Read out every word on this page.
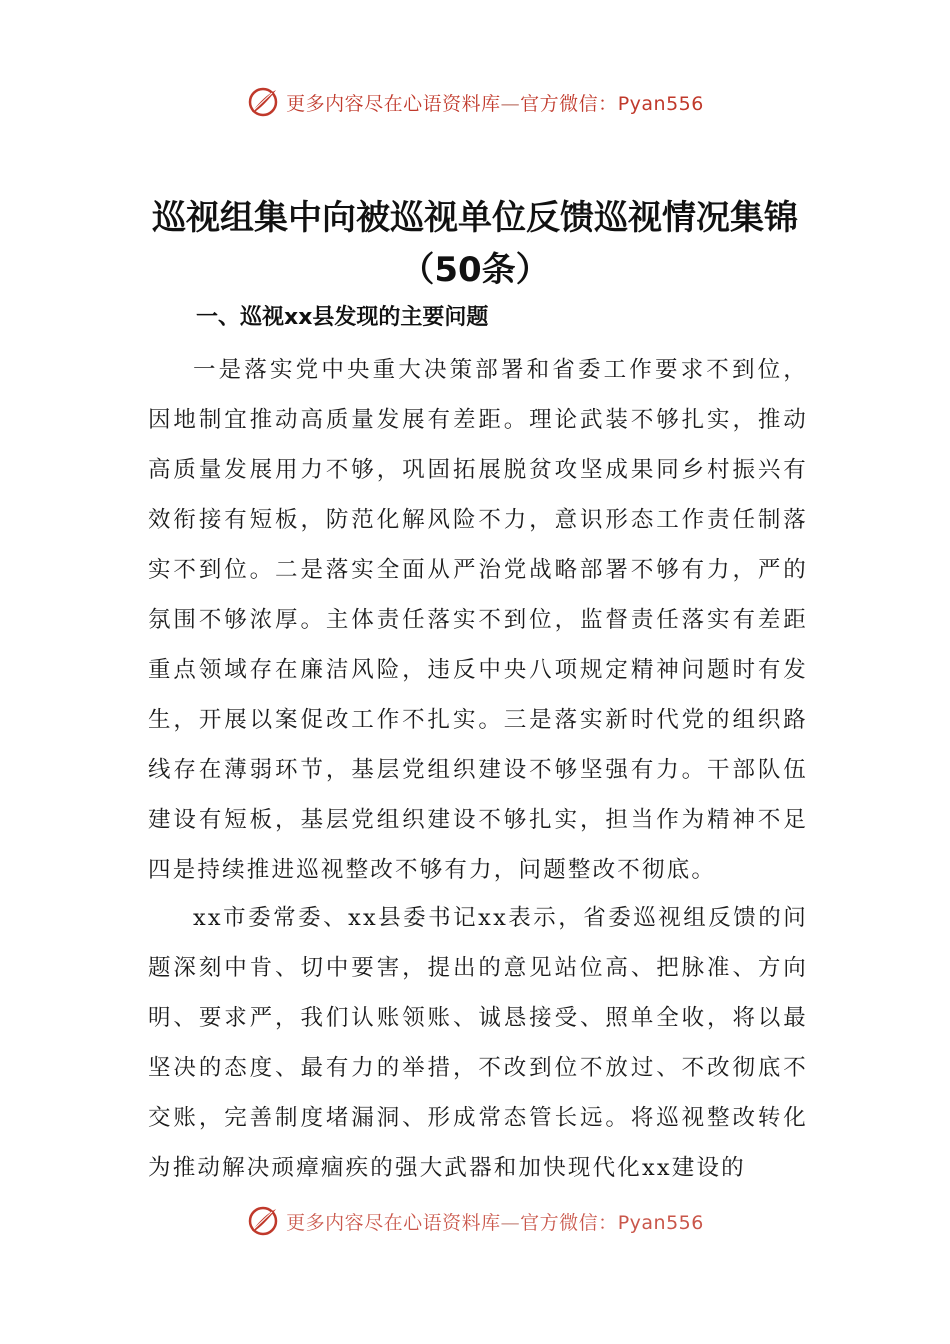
更多内容尽在心语资料库—官方微信：Pyan556
巡视组集中向被巡视单位反馈巡视情况集锦（50条）
一、巡视xx县发现的主要问题

一是落实党中央重大决策部署和省委工作要求不到位，因地制宜推动高质量发展有差距。理论武装不够扎实，推动高质量发展用力不够，巩固拓展脱贫攻坚成果同乡村振兴有效衔接有短板，防范化解风险不力，意识形态工作责任制落实不到位。二是落实全面从严治党战略部署不够有力，严的氛围不够浓厚。主体责任落实不到位，监督责任落实有差距重点领域存在廉洁风险，违反中央八项规定精神问题时有发生，开展以案促改工作不扎实。三是落实新时代党的组织路线存在薄弱环节，基层党组织建设不够坚强有力。干部队伍建设有短板，基层党组织建设不够扎实，担当作为精神不足四是持续推进巡视整改不够有力，问题整改不彻底。

xx市委常委、xx县委书记xx表示，省委巡视组反馈的问题深刻中肯、切中要害，提出的意见站位高、把脉准、方向明、要求严，我们认账领账、诚恳接受、照单全收，将以最坚决的态度、最有力的举措，不改到位不放过、不改彻底不交账，完善制度堵漏洞、形成常态管长远。将巡视整改转化为推动解决顽瘴痼疾的强大武器和加快现代化xx建设的

更多内容尽在心语资料库—官方微信：Pyan556
